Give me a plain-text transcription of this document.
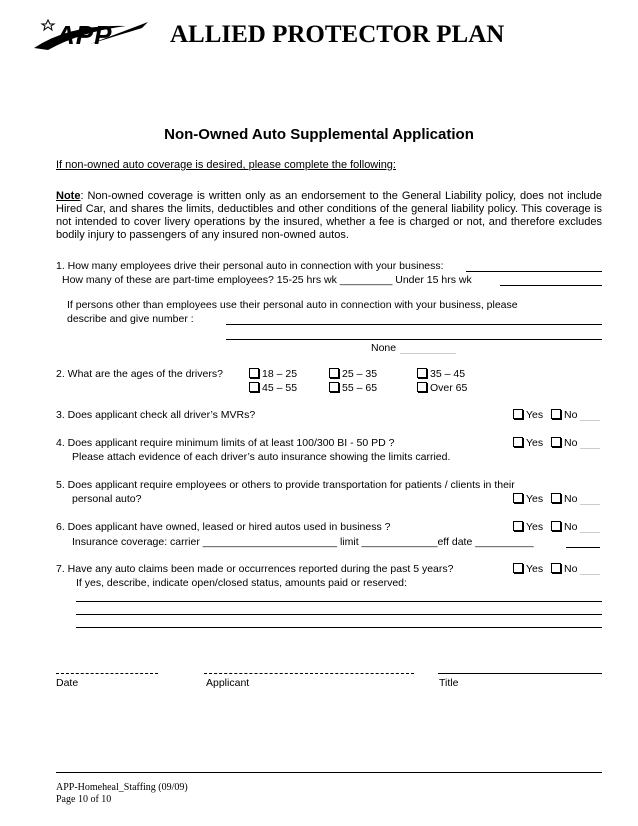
APP ALLIED PROTECTOR PLAN
Non-Owned Auto Supplemental Application
If non-owned auto coverage is desired, please complete the following:
Note: Non-owned coverage is written only as an endorsement to the General Liability policy, does not include Hired Car, and shares the limits, deductibles and other conditions of the general liability policy. This coverage is not intended to cover livery operations by the insured, whether a fee is charged or not, and therefore excludes bodily injury to passengers of any insured non-owned autos.
1. How many employees drive their personal auto in connection with your business:
How many of these are part-time employees? 15-25 hrs wk _________ Under 15 hrs wk
If persons other than employees use their personal auto in connection with your business, please
describe and give number :
None
2. What are the ages of the drivers?	18 – 25	25 – 35	35 – 45
45 – 55	55 – 65	Over 65
3. Does applicant check all driver’s MVRs?	Yes	No
4. Does applicant require minimum limits of at least 100/300 BI - 50 PD ?	Yes	No
Please attach evidence of each driver’s auto insurance showing the limits carried.
5. Does applicant require employees or others to provide transportation for patients / clients in their
personal auto?	Yes	No
6. Does applicant have owned, leased or hired autos used in business ?	Yes	No
Insurance coverage: carrier _______________________ limit _____________eff date __________
7. Have any auto claims been made or occurrences reported during the past 5 years?	Yes	No
If yes, describe, indicate open/closed status, amounts paid or reserved:
Date	Applicant	Title
APP-Homeheal_Staffing (09/09)
Page 10 of 10
